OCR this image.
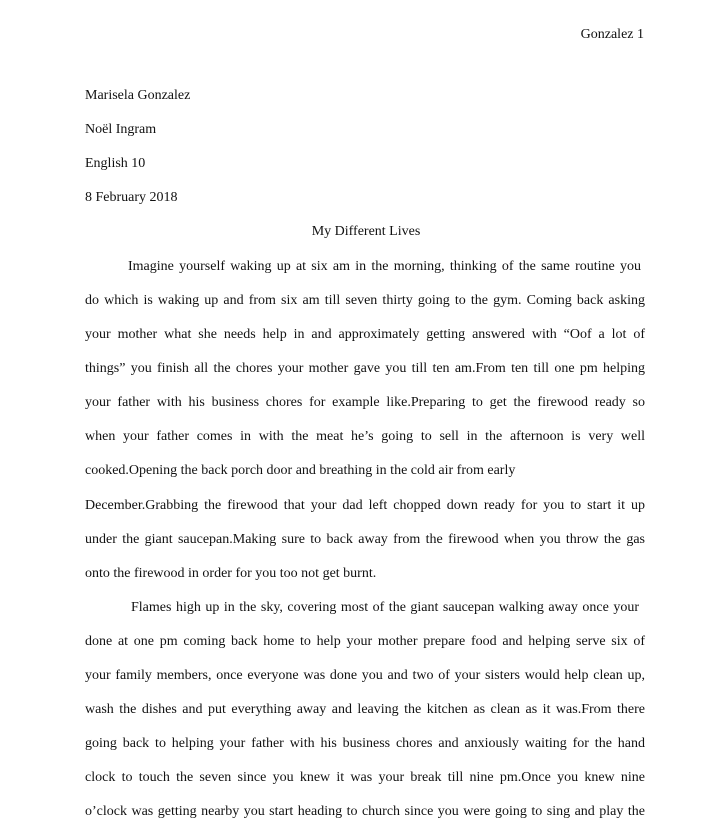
Gonzalez 1
Marisela Gonzalez
Noël Ingram
English 10
8 February 2018
My Different Lives
Imagine yourself waking up at six am in the morning, thinking of the same routine you
do which is waking up and from six am till seven thirty going to the gym. Coming back asking
your mother what she needs help in and approximately getting answered with “Oof a lot of
things” you finish all the chores your mother gave you till ten am.From ten till one pm helping
your father with his business chores for example like.Preparing to get the firewood ready so
when your father comes in with the meat he’s going to sell in the afternoon is very well
cooked.Opening the back porch door and breathing in the cold air from early
December.Grabbing the firewood that your dad left chopped down ready for you to start it up
under the giant saucepan.Making sure to back away from the firewood when you throw the gas
onto the firewood in order for you too not get burnt.
Flames high up in the sky, covering most of the giant saucepan walking away once your
done at one pm coming back home to help your mother prepare food and helping serve six of
your family members, once everyone was done you and two of your sisters would help clean up,
wash the dishes and put everything away and leaving the kitchen as clean as it was.From there
going back to helping your father with his business chores and anxiously waiting for the hand
clock to touch the seven since you knew it was your break till nine pm.Once you knew nine
o’clock was getting nearby you start heading to church since you were going to sing and play the
